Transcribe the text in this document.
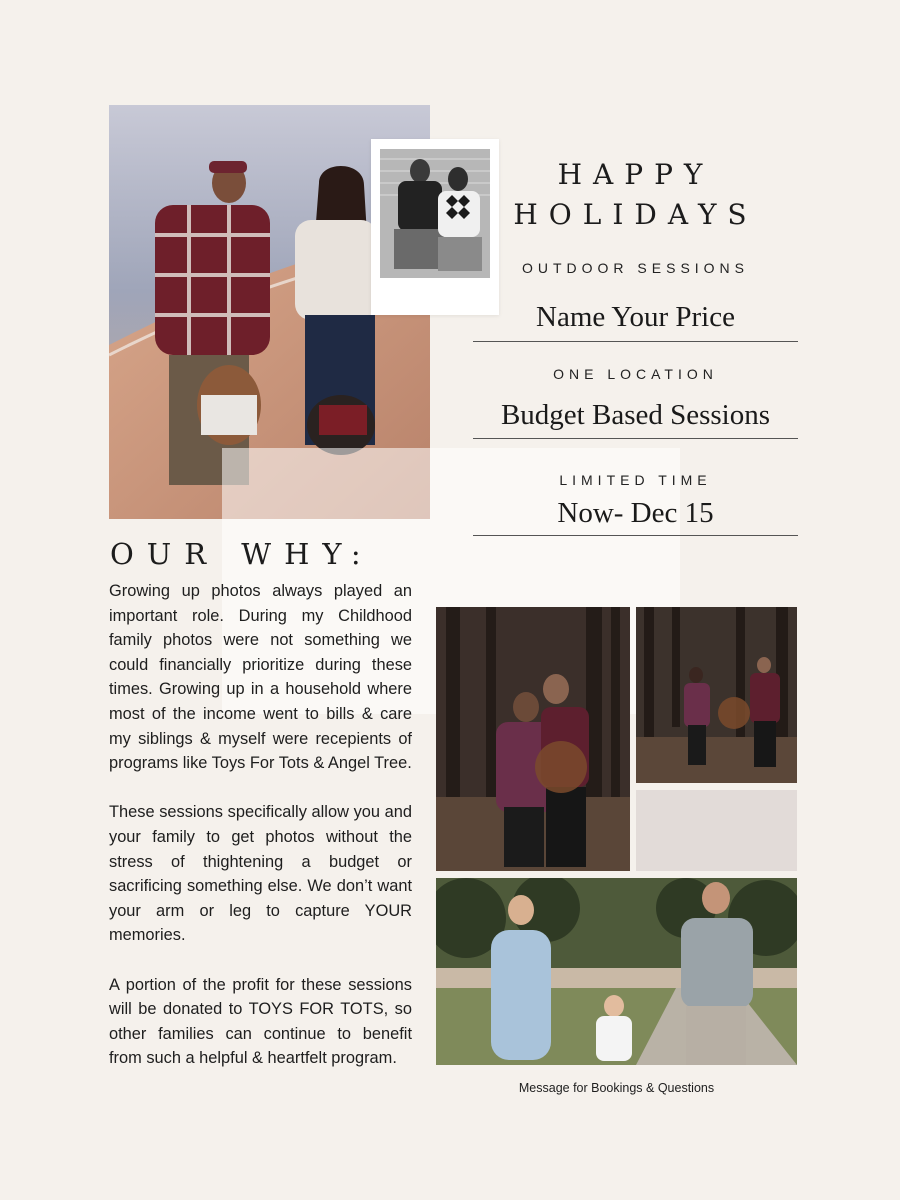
HAPPY
HOLIDAYS
OUTDOOR SESSIONS
Name Your Price
ONE LOCATION
Budget Based Sessions
LIMITED TIME
Now- Dec 15
OUR WHY:

Growing up photos always played an important role. During my Childhood family photos were not something we could financially prioritize during these times. Growing up in a household where most of the income went to bills & care my siblings & myself were recepients of programs like Toys For Tots & Angel Tree.

These sessions specifically allow you and your family to get photos without the stress of thightening a budget or sacrificing something else. We don’t want your arm or leg to capture YOUR memories.

A portion of the profit for these sessions will be donated to TOYS FOR TOTS, so other families can continue to benefit from such a helpful & heartfelt program.

Message for Bookings & Questions
